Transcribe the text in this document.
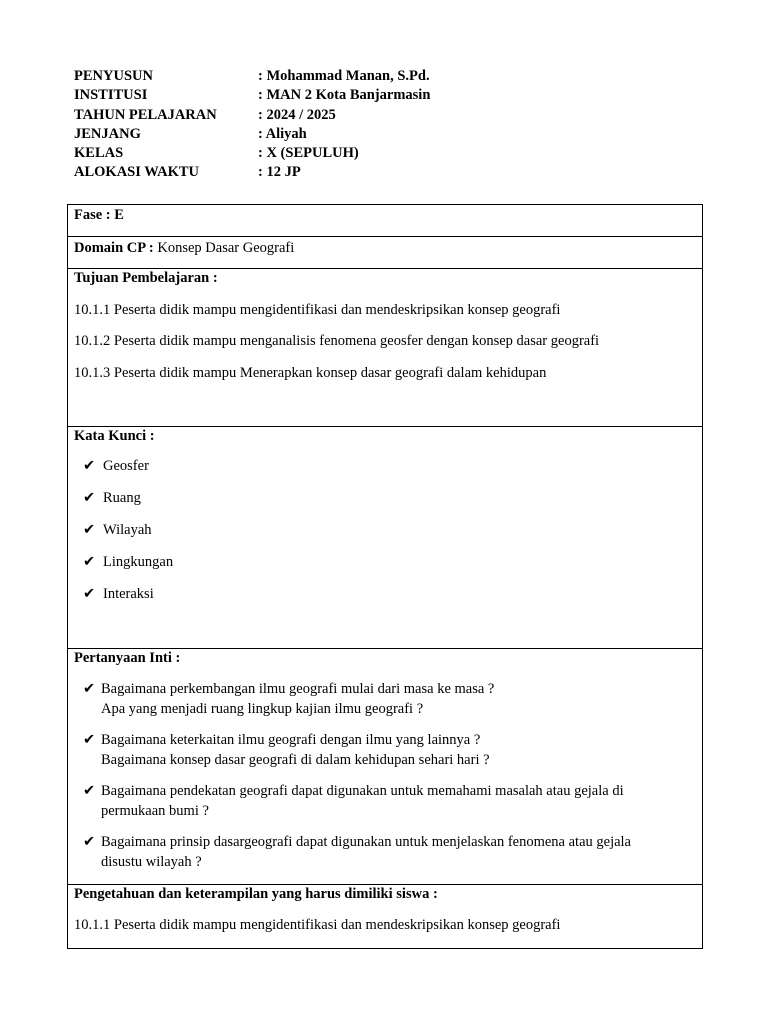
PENYUSUN	: Mohammad Manan, S.Pd.
INSTITUSI	: MAN 2 Kota Banjarmasin
TAHUN PELAJARAN	: 2024 / 2025
JENJANG	: Aliyah
KELAS	: X (SEPULUH)
ALOKASI WAKTU	: 12 JP
Fase : E
Domain CP : Konsep Dasar Geografi
Tujuan Pembelajaran :
10.1.1 Peserta didik mampu mengidentifikasi dan mendeskripsikan konsep geografi
10.1.2 Peserta didik mampu menganalisis fenomena geosfer dengan konsep dasar geografi
10.1.3 Peserta didik mampu Menerapkan konsep dasar geografi dalam kehidupan
Kata Kunci :
✔ Geosfer
✔ Ruang
✔ Wilayah
✔ Lingkungan
✔ Interaksi
Pertanyaan Inti :
✔ Bagaimana perkembangan ilmu geografi mulai dari masa ke masa ?
Apa yang menjadi ruang lingkup kajian ilmu geografi ?
✔ Bagaimana keterkaitan ilmu geografi dengan ilmu yang lainnya ?
Bagaimana konsep dasar geografi di dalam kehidupan sehari hari ?
✔ Bagaimana pendekatan geografi dapat digunakan untuk memahami masalah atau gejala di
permukaan bumi ?
✔ Bagaimana prinsip dasargeografi dapat digunakan untuk menjelaskan fenomena atau gejala
disustu wilayah ?
Pengetahuan dan keterampilan yang harus dimiliki siswa :
10.1.1 Peserta didik mampu mengidentifikasi dan mendeskripsikan konsep geografi
